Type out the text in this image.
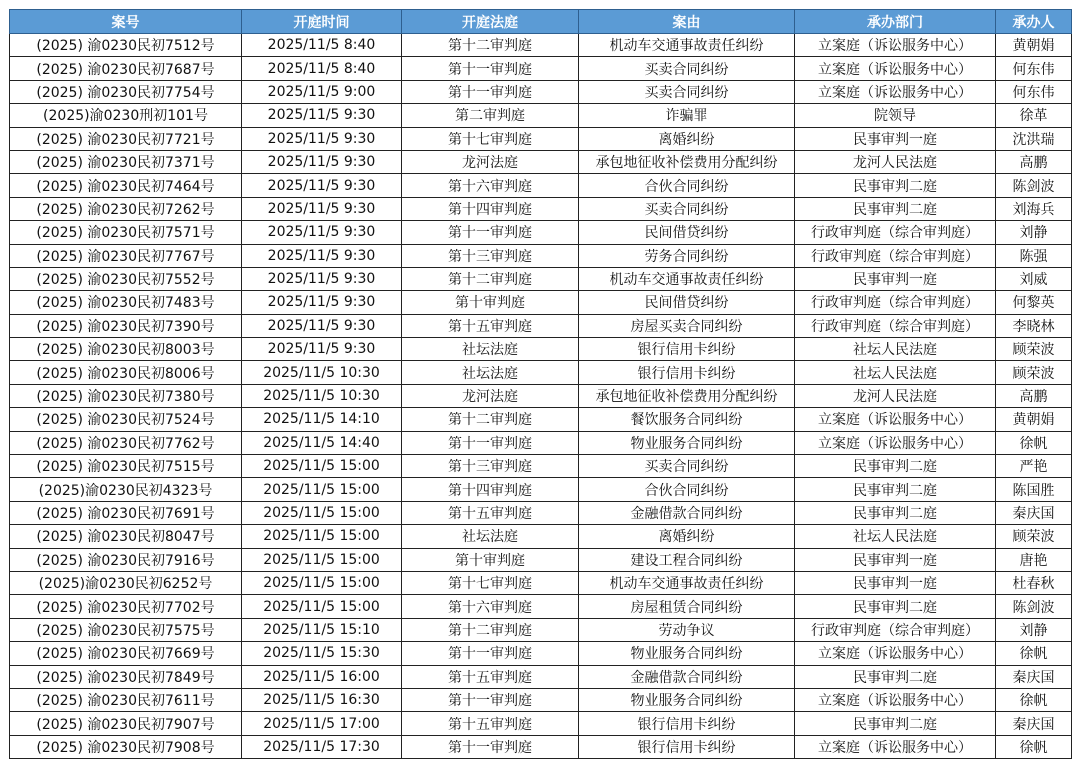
案号	开庭时间	开庭法庭	案由	承办部门	承办人
(2025) 渝0230民初7512号	2025/11/5 8:40	第十二审判庭	机动车交通事故责任纠纷	立案庭（诉讼服务中心）	黄朝娟
(2025) 渝0230民初7687号	2025/11/5 8:40	第十一审判庭	买卖合同纠纷	立案庭（诉讼服务中心）	何东伟
(2025) 渝0230民初7754号	2025/11/5 9:00	第十一审判庭	买卖合同纠纷	立案庭（诉讼服务中心）	何东伟
(2025)渝0230刑初101号	2025/11/5 9:30	第二审判庭	诈骗罪	院领导	徐革
(2025) 渝0230民初7721号	2025/11/5 9:30	第十七审判庭	离婚纠纷	民事审判一庭	沈洪瑞
(2025) 渝0230民初7371号	2025/11/5 9:30	龙河法庭	承包地征收补偿费用分配纠纷	龙河人民法庭	高鹏
(2025) 渝0230民初7464号	2025/11/5 9:30	第十六审判庭	合伙合同纠纷	民事审判二庭	陈剑波
(2025) 渝0230民初7262号	2025/11/5 9:30	第十四审判庭	买卖合同纠纷	民事审判二庭	刘海兵
(2025) 渝0230民初7571号	2025/11/5 9:30	第十一审判庭	民间借贷纠纷	行政审判庭（综合审判庭）	刘静
(2025) 渝0230民初7767号	2025/11/5 9:30	第十三审判庭	劳务合同纠纷	行政审判庭（综合审判庭）	陈强
(2025) 渝0230民初7552号	2025/11/5 9:30	第十二审判庭	机动车交通事故责任纠纷	民事审判一庭	刘威
(2025) 渝0230民初7483号	2025/11/5 9:30	第十审判庭	民间借贷纠纷	行政审判庭（综合审判庭）	何黎英
(2025) 渝0230民初7390号	2025/11/5 9:30	第十五审判庭	房屋买卖合同纠纷	行政审判庭（综合审判庭）	李晓林
(2025) 渝0230民初8003号	2025/11/5 9:30	社坛法庭	银行信用卡纠纷	社坛人民法庭	顾荣波
(2025) 渝0230民初8006号	2025/11/5 10:30	社坛法庭	银行信用卡纠纷	社坛人民法庭	顾荣波
(2025) 渝0230民初7380号	2025/11/5 10:30	龙河法庭	承包地征收补偿费用分配纠纷	龙河人民法庭	高鹏
(2025) 渝0230民初7524号	2025/11/5 14:10	第十二审判庭	餐饮服务合同纠纷	立案庭（诉讼服务中心）	黄朝娟
(2025) 渝0230民初7762号	2025/11/5 14:40	第十一审判庭	物业服务合同纠纷	立案庭（诉讼服务中心）	徐帆
(2025) 渝0230民初7515号	2025/11/5 15:00	第十三审判庭	买卖合同纠纷	民事审判二庭	严艳
(2025)渝0230民初4323号	2025/11/5 15:00	第十四审判庭	合伙合同纠纷	民事审判二庭	陈国胜
(2025) 渝0230民初7691号	2025/11/5 15:00	第十五审判庭	金融借款合同纠纷	民事审判二庭	秦庆国
(2025) 渝0230民初8047号	2025/11/5 15:00	社坛法庭	离婚纠纷	社坛人民法庭	顾荣波
(2025) 渝0230民初7916号	2025/11/5 15:00	第十审判庭	建设工程合同纠纷	民事审判一庭	唐艳
(2025)渝0230民初6252号	2025/11/5 15:00	第十七审判庭	机动车交通事故责任纠纷	民事审判一庭	杜春秋
(2025) 渝0230民初7702号	2025/11/5 15:00	第十六审判庭	房屋租赁合同纠纷	民事审判二庭	陈剑波
(2025) 渝0230民初7575号	2025/11/5 15:10	第十二审判庭	劳动争议	行政审判庭（综合审判庭）	刘静
(2025) 渝0230民初7669号	2025/11/5 15:30	第十一审判庭	物业服务合同纠纷	立案庭（诉讼服务中心）	徐帆
(2025) 渝0230民初7849号	2025/11/5 16:00	第十五审判庭	金融借款合同纠纷	民事审判二庭	秦庆国
(2025) 渝0230民初7611号	2025/11/5 16:30	第十一审判庭	物业服务合同纠纷	立案庭（诉讼服务中心）	徐帆
(2025) 渝0230民初7907号	2025/11/5 17:00	第十五审判庭	银行信用卡纠纷	民事审判二庭	秦庆国
(2025) 渝0230民初7908号	2025/11/5 17:30	第十一审判庭	银行信用卡纠纷	立案庭（诉讼服务中心）	徐帆
